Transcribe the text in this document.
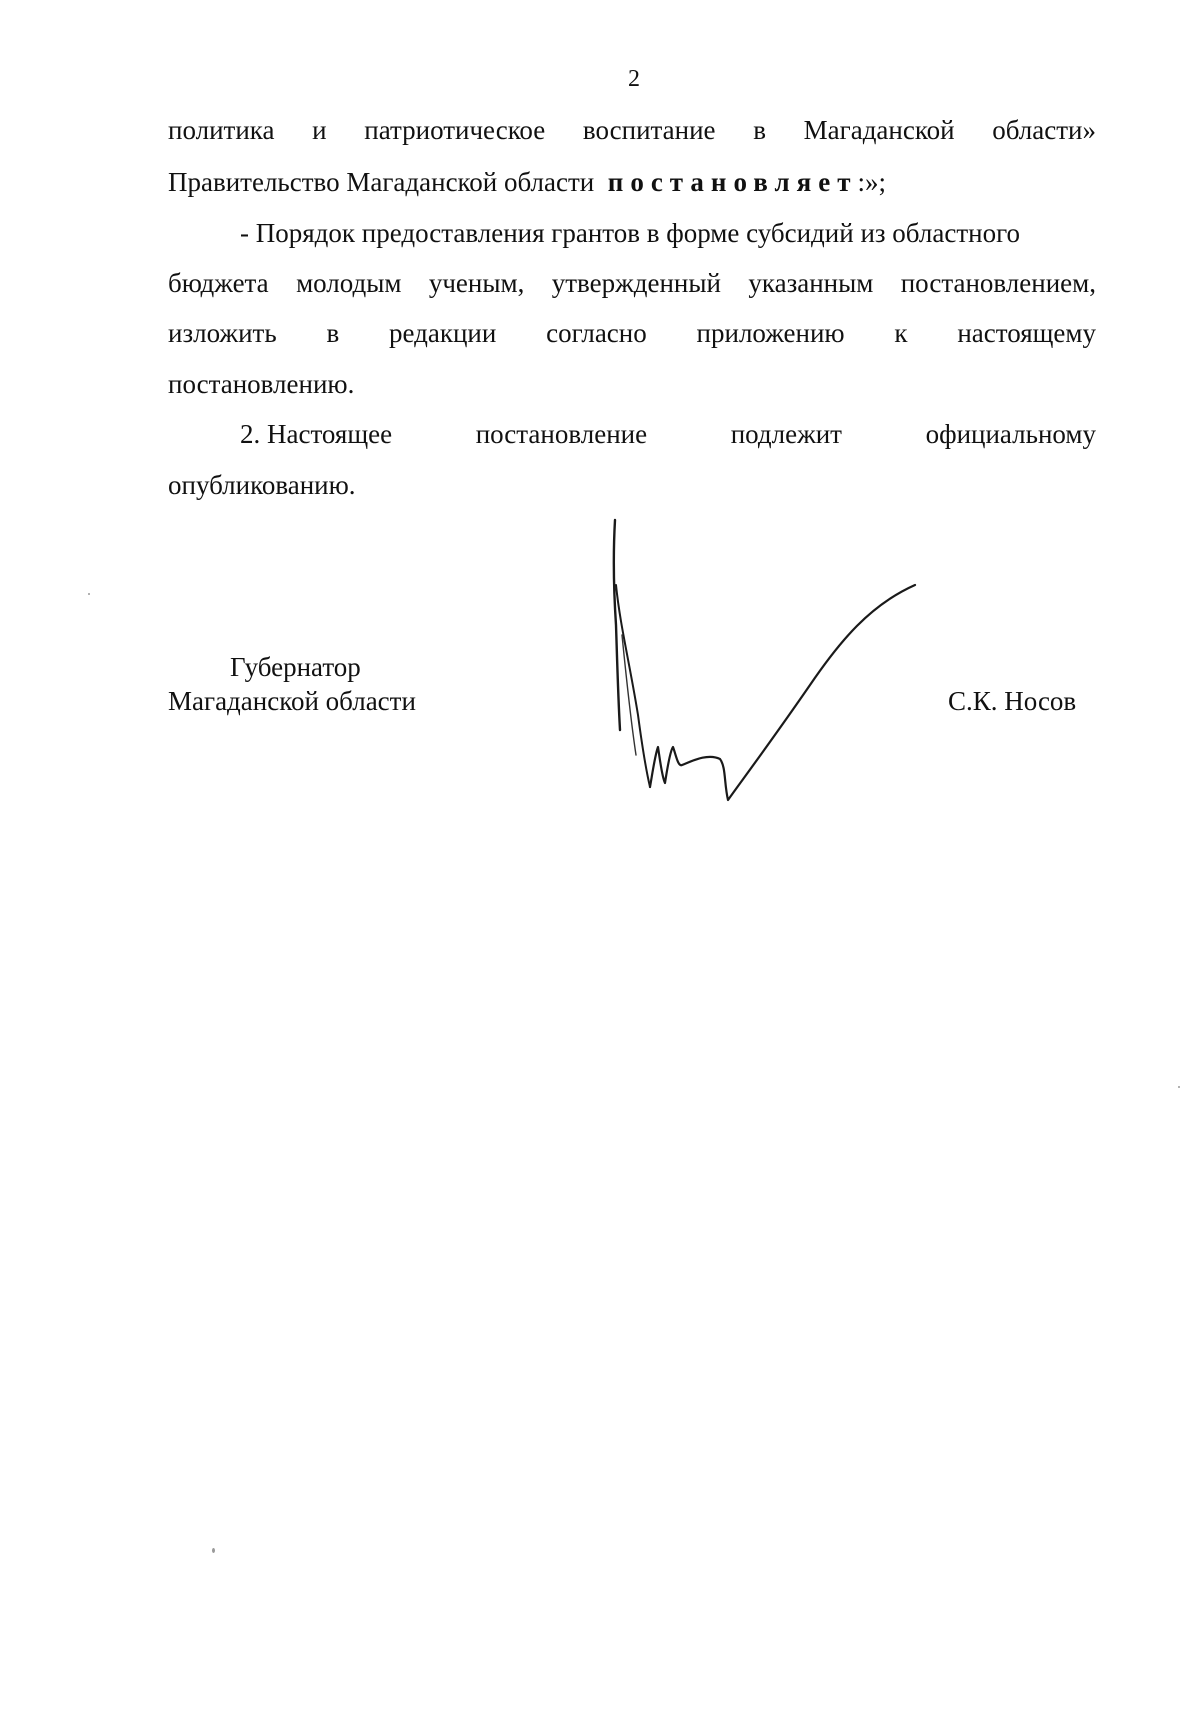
2
политика и патриотическое воспитание в Магаданской области»
Правительство Магаданской области постановляет:»;
- Порядок предоставления грантов в форме субсидий из областного
бюджета молодым ученым, утвержденный указанным постановлением,
изложить в редакции согласно приложению к настоящему
постановлению.
2. Настоящее	постановление	подлежит	официальному
опубликованию.
Губернатор
Магаданской области	С.К. Носов
